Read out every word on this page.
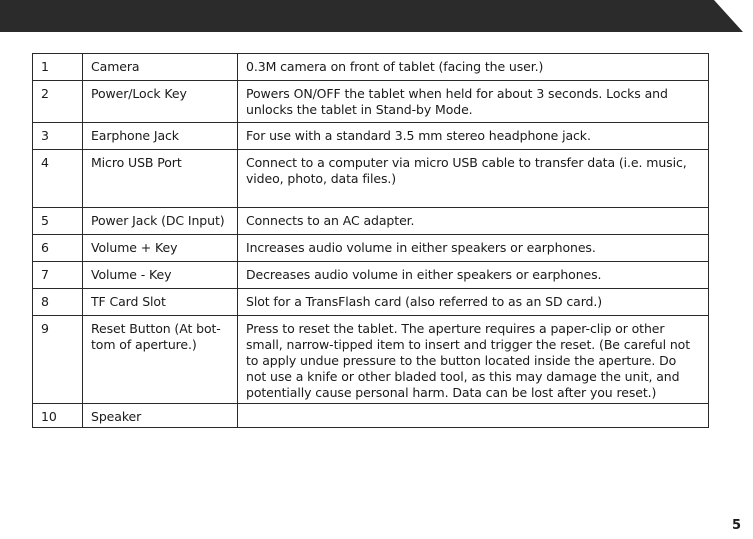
1	Camera	0.3M camera on front of tablet (facing the user.)
2	Power/Lock Key	Powers ON/OFF the tablet when held for about 3 seconds. Locks and unlocks the tablet in Stand-by Mode.
3	Earphone Jack	For use with a standard 3.5 mm stereo headphone jack.
4	Micro USB Port	Connect to a computer via micro USB cable to transfer data (i.e. music, video, photo, data files.)
5	Power Jack (DC Input)	Connects to an AC adapter.
6	Volume + Key	Increases audio volume in either speakers or earphones.
7	Volume - Key	Decreases audio volume in either speakers or earphones.
8	TF Card Slot	Slot for a TransFlash card (also referred to as an SD card.)
9	Reset Button (At bot-tom of aperture.)	Press to reset the tablet. The aperture requires a paper-clip or other small, narrow-tipped item to insert and trigger the reset. (Be careful not to apply undue pressure to the button located inside the aperture. Do not use a knife or other bladed tool, as this may damage the unit, and potentially cause personal harm. Data can be lost after you reset.)
10	Speaker	
5
